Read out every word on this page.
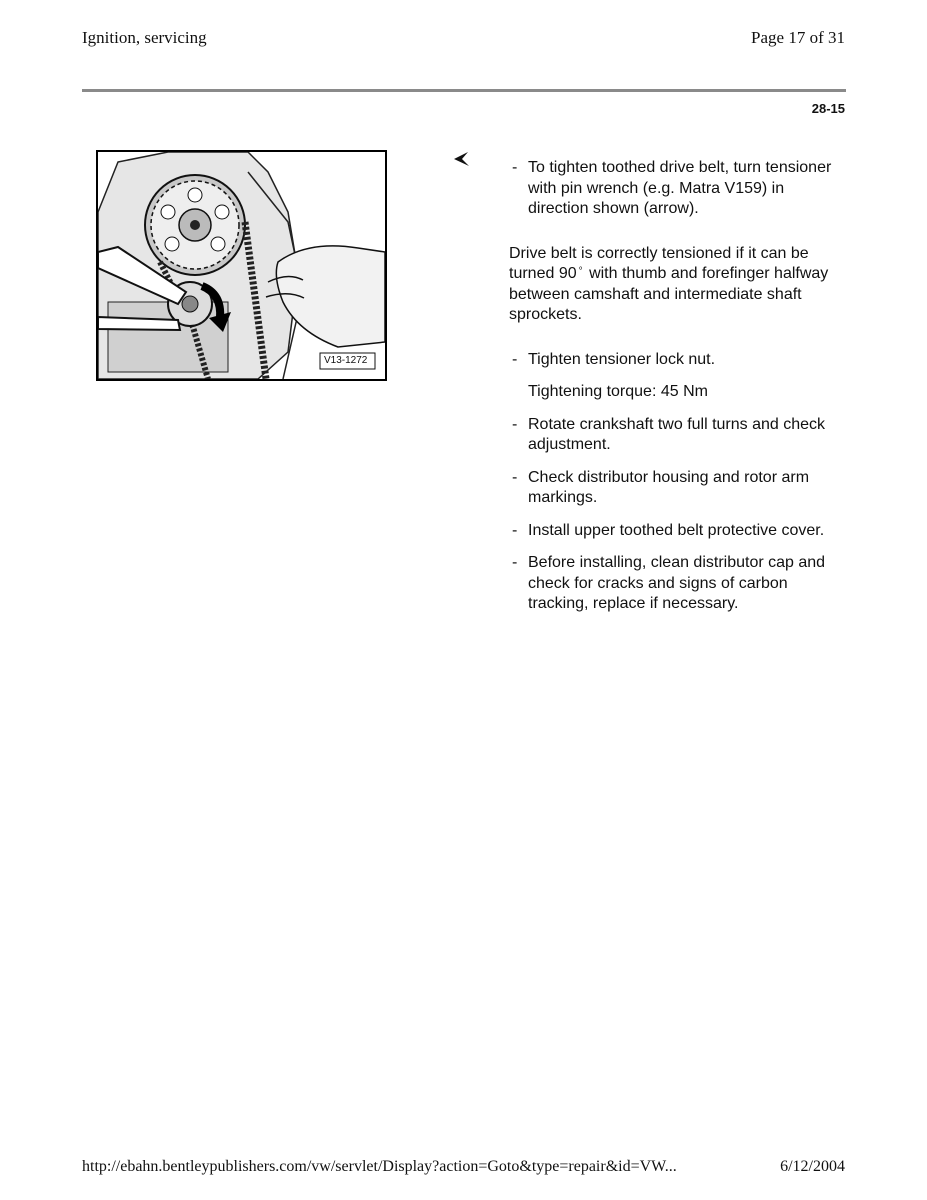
Ignition, servicing	Page 17 of 31
28-15
V13-1272
- To tighten toothed drive belt, turn tensioner with pin wrench (e.g. Matra V159) in direction shown (arrow).
Drive belt is correctly tensioned if it can be turned 90 ° with thumb and forefinger halfway between camshaft and intermediate shaft sprockets.
- Tighten tensioner lock nut.
Tightening torque: 45 Nm
- Rotate crankshaft two full turns and check adjustment.
- Check distributor housing and rotor arm markings.
- Install upper toothed belt protective cover.
- Before installing, clean distributor cap and check for cracks and signs of carbon tracking, replace if necessary.
http://ebahn.bentleypublishers.com/vw/servlet/Display?action=Goto&type=repair&id=VW...	6/12/2004
